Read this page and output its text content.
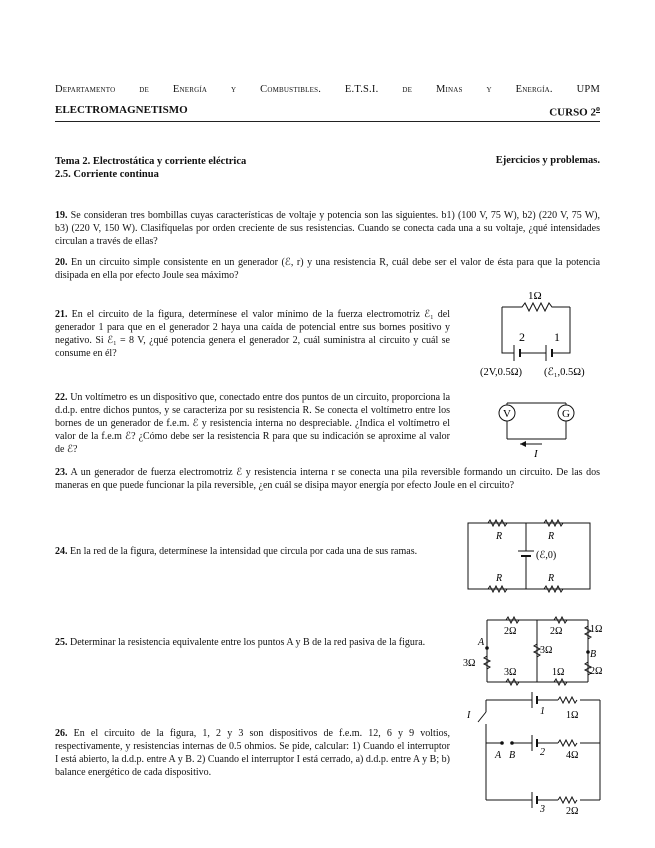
Departamento de Energía y Combustibles. E.T.S.I. de Minas y Energía. UPM
ELECTROMAGNETISMO	CURSO 2$^o$
Tema 2. Electrostática y corriente eléctrica
2.5. Corriente continua
Ejercicios y problemas.
19. Se consideran tres bombillas cuyas características de voltaje y potencia son las siguientes. b1) (100 V, 75 W), b2) (220 V, 75 W), b3) (220 V, 150 W). Clasifíquelas por orden creciente de sus resistencias. Cuando se conecta cada una a su voltaje, ¿qué intensidades circulan a través de ellas?
20. En un circuito simple consistente en un generador (ℰ, r) y una resistencia R, cuál debe ser el valor de ésta para que la potencia disipada en ella por efecto Joule sea máximo?
21. En el circuito de la figura, determínese el valor mínimo de la fuerza electromotriz ℰ₁ del generador 1 para que en el generador 2 haya una caída de potencial entre sus bornes positivo y negativo. Si ℰ₁ = 8 V, ¿qué potencia genera el generador 2, cuál suministra al circuito y cuál se consume en él?
22. Un voltímetro es un dispositivo que, conectado entre dos puntos de un circuito, proporciona la d.d.p. entre dichos puntos, y se caracteriza por su resistencia R. Se conecta el voltímetro entre los bornes de un generador de f.e.m. ℰ y resistencia interna no despreciable. ¿Indica el voltímetro el valor de la f.e.m ℰ? ¿Cómo debe ser la resistencia R para que su indicación se aproxime al valor de ℰ?
23. A un generador de fuerza electromotriz ℰ y resistencia interna r se conecta una pila reversible formando un circuito. De las dos maneras en que puede funcionar la pila reversible, ¿en cuál se disipa mayor energía por efecto Joule en el circuito?
24. En la red de la figura, determínese la intensidad que circula por cada una de sus ramas.
25. Determinar la resistencia equivalente entre los puntos A y B de la red pasiva de la figura.
26. En el circuito de la figura, 1, 2 y 3 son dispositivos de f.e.m. 12, 6 y 9 voltios, respectivamente, y resistencias internas de 0.5 ohmios. Se pide, calcular: 1) Cuando el interruptor I está abierto, la d.d.p. entre A y B. 2) Cuando el interruptor I está cerrado, a) d.d.p. entre A y B; b) balance energético de cada dispositivo.
1Ω
2 1
(2V,0.5Ω) (ℰ₁,0.5Ω)
V	G
I
R	R
R	R
(ℰ,0)
2Ω	2Ω	1Ω
3Ω
3Ω
3Ω	1Ω	2Ω
A
B
I	1
2
3
1Ω
4Ω
2Ω
A B
